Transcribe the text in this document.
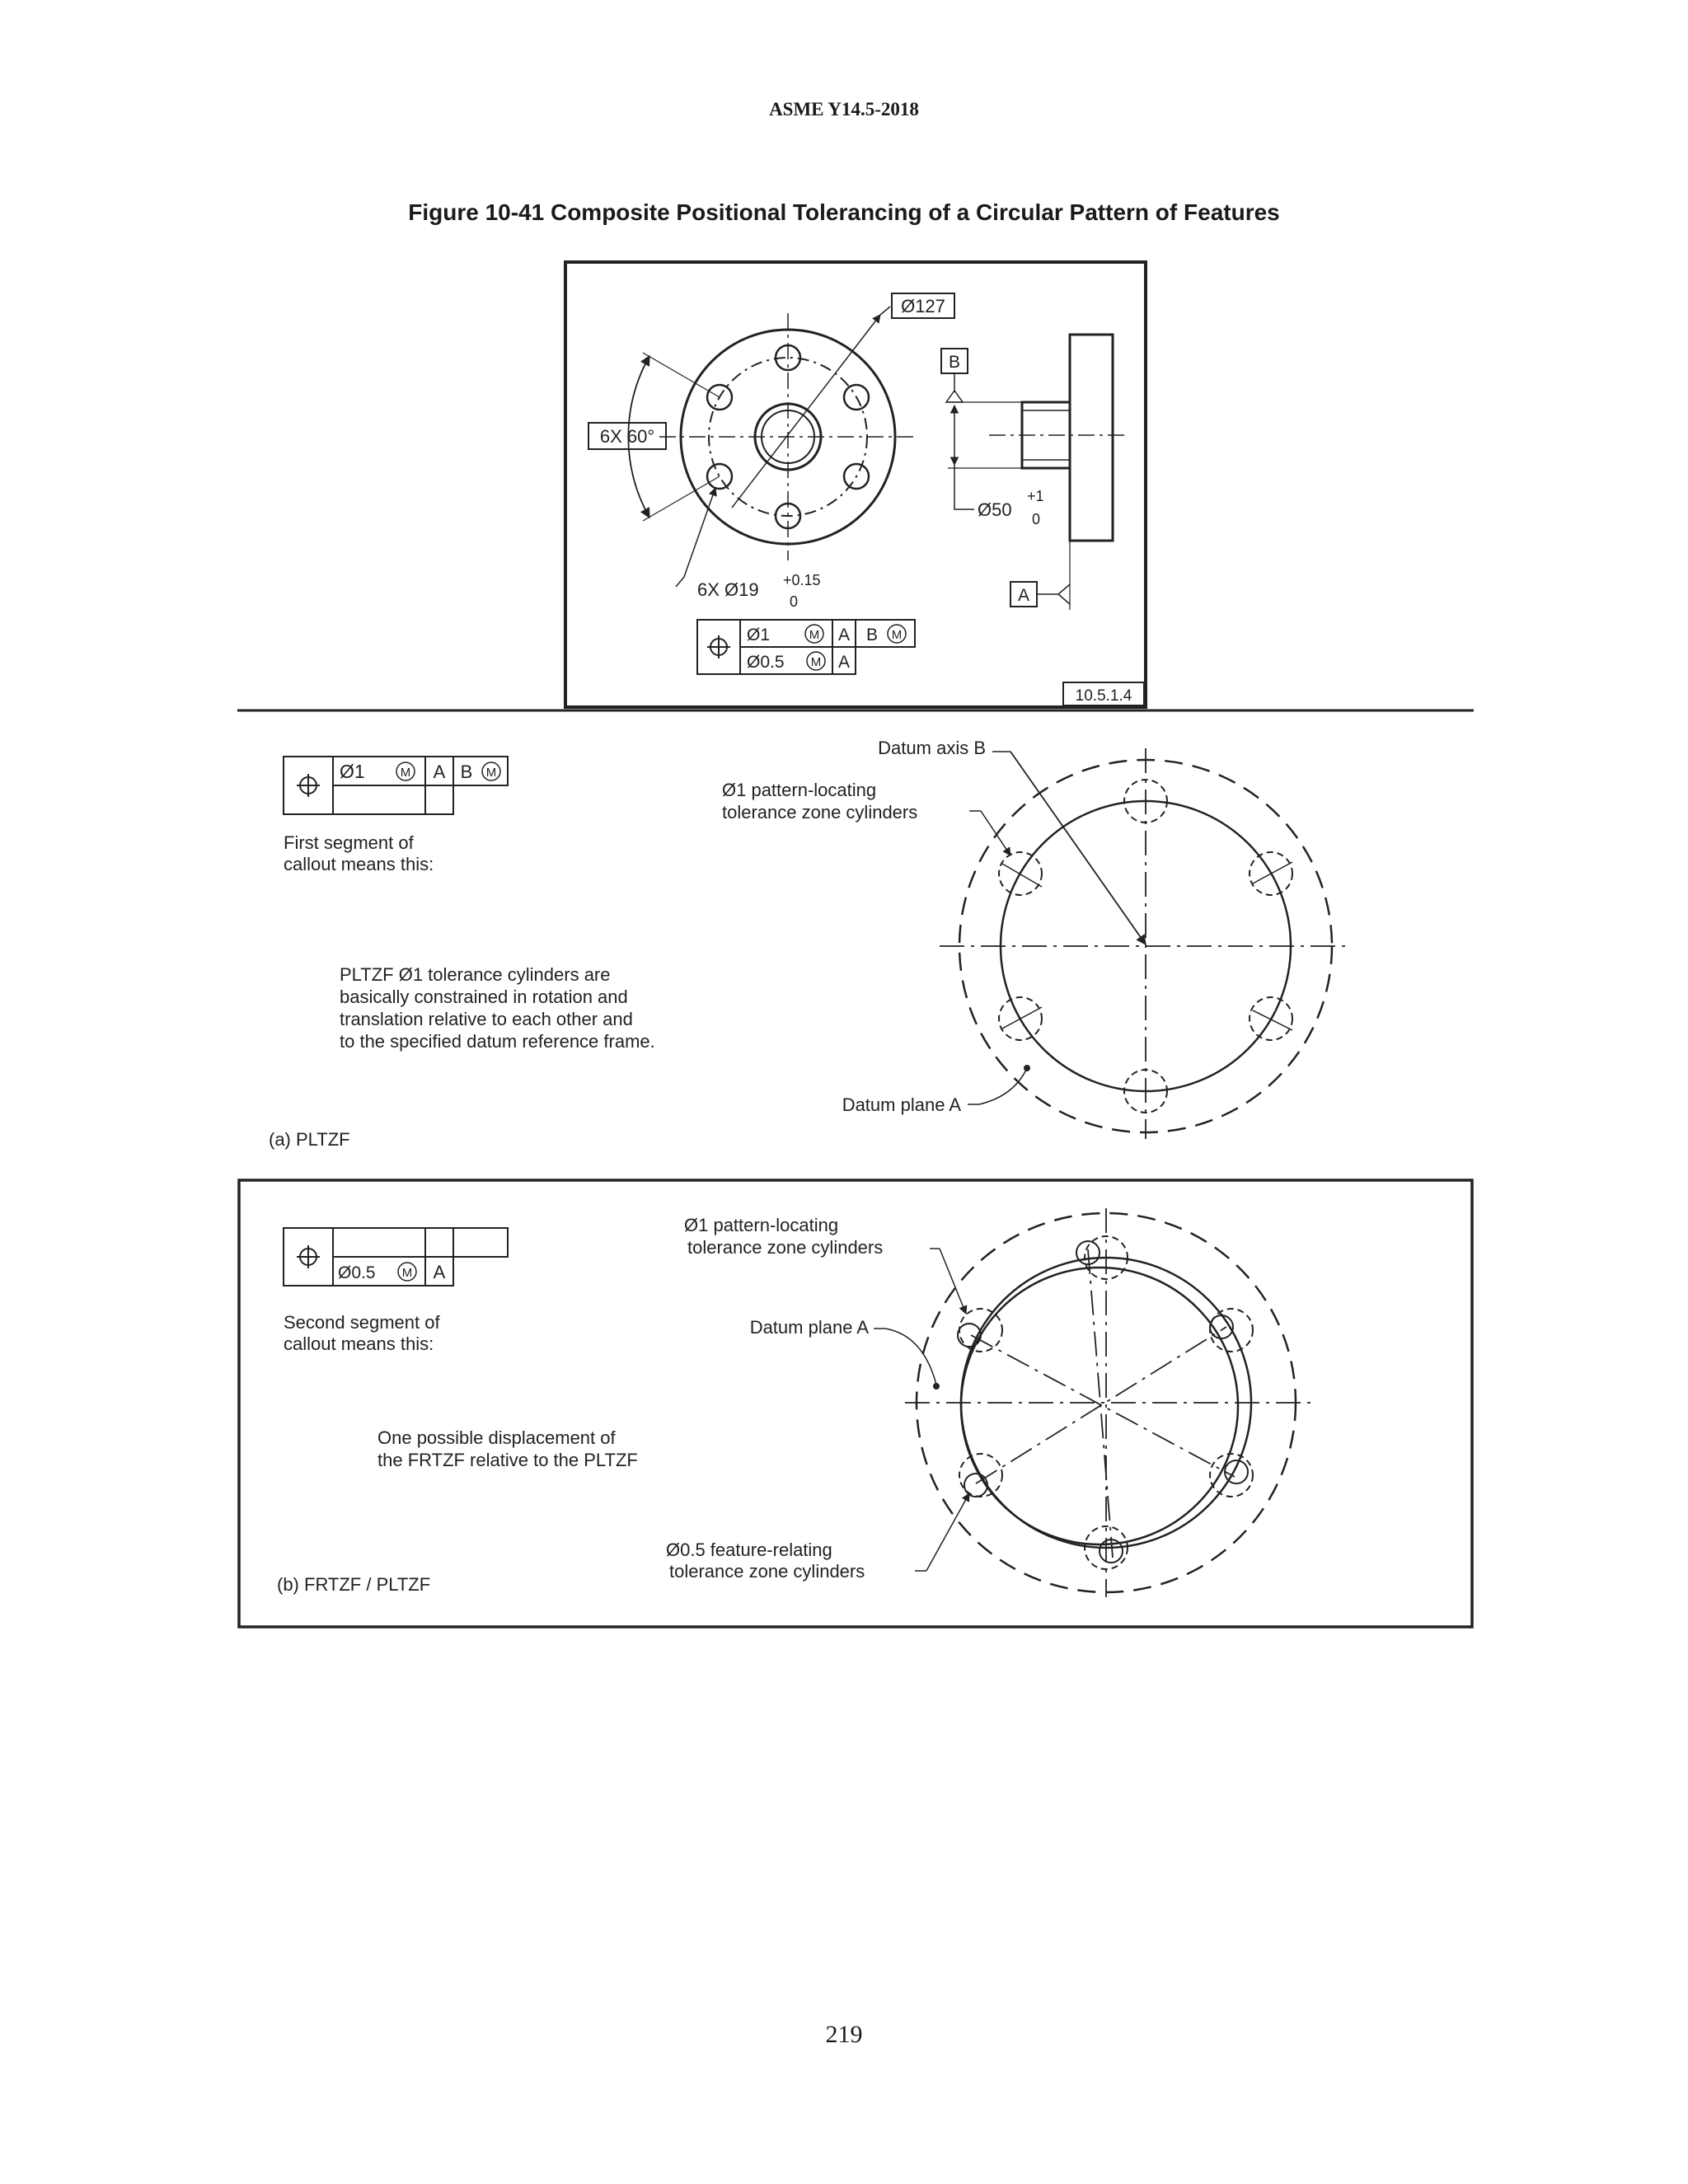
ASME Y14.5-2018
Figure 10-41 Composite Positional Tolerancing of a Circular Pattern of Features
Ø127
6X 60°
6X Ø19 +0.15
0
Ø1	M A B M
Ø0.5 M A
B
A
Ø50
+1
0
10.5.1.4
Ø1	M A B M
First segment of
callout means this:
PLTZF Ø1 tolerance cylinders are
basically constrained in rotation and
translation relative to each other and
to the specified datum reference frame.
Datum axis B
Ø1 pattern-locating
tolerance zone cylinders
Datum plane A
(a) PLTZF
Ø0.5 M A
Second segment of
callout means this:
One possible displacement of
the FRTZF relative to the PLTZF
Ø1 pattern-locating
tolerance zone cylinders
Datum plane A
Ø0.5 feature-relating
tolerance zone cylinders
(b) FRTZF / PLTZF
219
